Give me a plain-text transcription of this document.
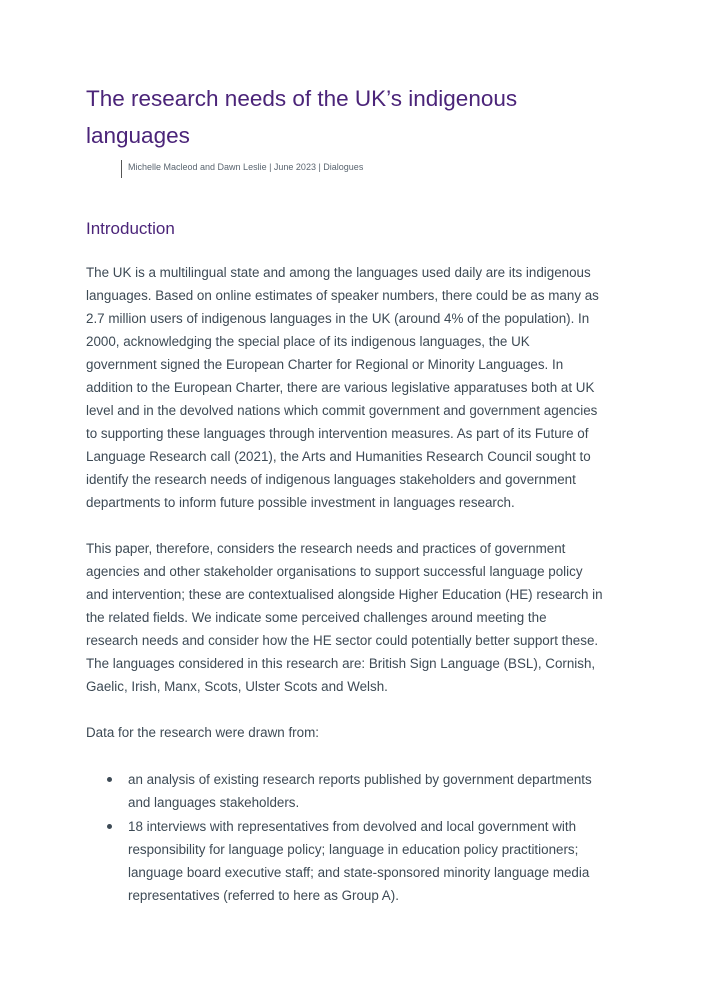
The research needs of the UK’s indigenous
languages
Michelle Macleod and Dawn Leslie | June 2023 | Dialogues
Introduction

The UK is a multilingual state and among the languages used daily are its indigenous
languages. Based on online estimates of speaker numbers, there could be as many as
2.7 million users of indigenous languages in the UK (around 4% of the population). In
2000, acknowledging the special place of its indigenous languages, the UK
government signed the European Charter for Regional or Minority Languages. In
addition to the European Charter, there are various legislative apparatuses both at UK
level and in the devolved nations which commit government and government agencies
to supporting these languages through intervention measures. As part of its Future of
Language Research call (2021), the Arts and Humanities Research Council sought to
identify the research needs of indigenous languages stakeholders and government
departments to inform future possible investment in languages research.

This paper, therefore, considers the research needs and practices of government
agencies and other stakeholder organisations to support successful language policy
and intervention; these are contextualised alongside Higher Education (HE) research in
the related fields. We indicate some perceived challenges around meeting the
research needs and consider how the HE sector could potentially better support these.
The languages considered in this research are: British Sign Language (BSL), Cornish,
Gaelic, Irish, Manx, Scots, Ulster Scots and Welsh.

Data for the research were drawn from:

an analysis of existing research reports published by government departments
and languages stakeholders.
18 interviews with representatives from devolved and local government with
responsibility for language policy; language in education policy practitioners;
language board executive staff; and state-sponsored minority language media
representatives (referred to here as Group A).
